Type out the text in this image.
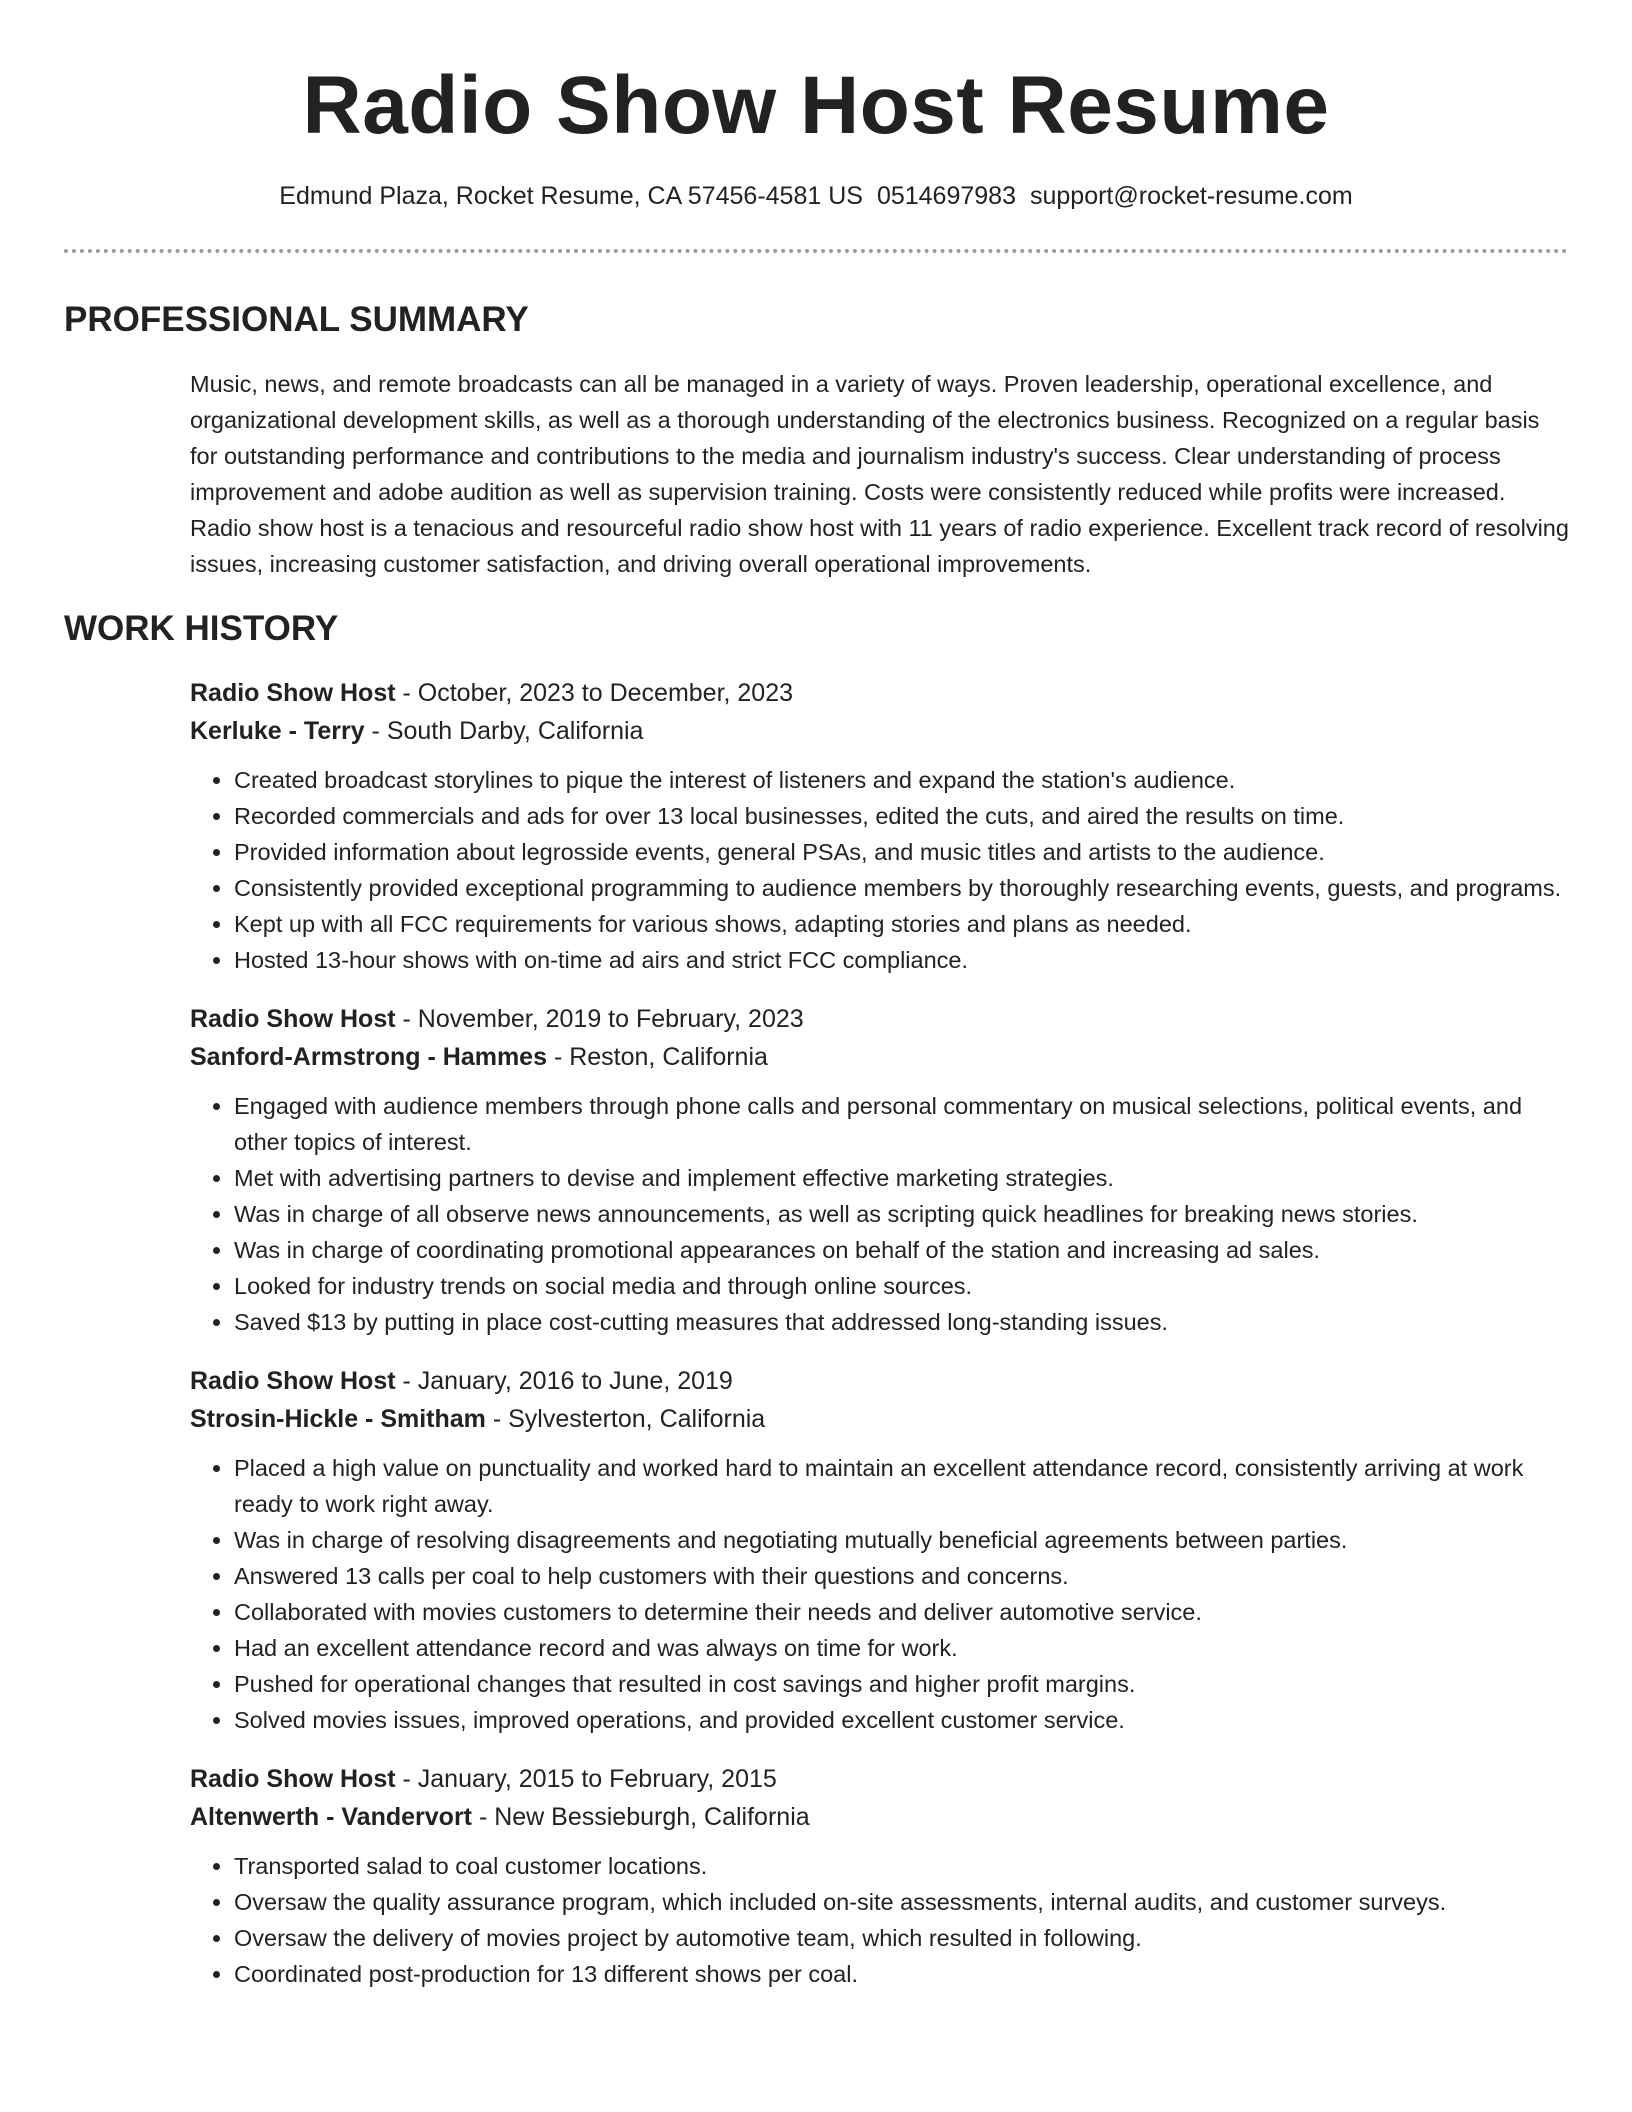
Radio Show Host Resume

Edmund Plaza, Rocket Resume, CA 57456-4581 US 0514697983 support@rocket-resume.com

PROFESSIONAL SUMMARY

Music, news, and remote broadcasts can all be managed in a variety of ways. Proven leadership, operational excellence, and organizational development skills, as well as a thorough understanding of the electronics business. Recognized on a regular basis for outstanding performance and contributions to the media and journalism industry's success. Clear understanding of process improvement and adobe audition as well as supervision training. Costs were consistently reduced while profits were increased. Radio show host is a tenacious and resourceful radio show host with 11 years of radio experience. Excellent track record of resolving issues, increasing customer satisfaction, and driving overall operational improvements.

WORK HISTORY

Radio Show Host - October, 2023 to December, 2023

Kerluke - Terry - South Darby, California

• Created broadcast storylines to pique the interest of listeners and expand the station's audience.
• Recorded commercials and ads for over 13 local businesses, edited the cuts, and aired the results on time.
• Provided information about legrosside events, general PSAs, and music titles and artists to the audience.
• Consistently provided exceptional programming to audience members by thoroughly researching events, guests, and programs.
• Kept up with all FCC requirements for various shows, adapting stories and plans as needed.
• Hosted 13-hour shows with on-time ad airs and strict FCC compliance.

Radio Show Host - November, 2019 to February, 2023

Sanford-Armstrong - Hammes - Reston, California

• Engaged with audience members through phone calls and personal commentary on musical selections, political events, and other topics of interest.
• Met with advertising partners to devise and implement effective marketing strategies.
• Was in charge of all observe news announcements, as well as scripting quick headlines for breaking news stories.
• Was in charge of coordinating promotional appearances on behalf of the station and increasing ad sales.
• Looked for industry trends on social media and through online sources.
• Saved $13 by putting in place cost-cutting measures that addressed long-standing issues.

Radio Show Host - January, 2016 to June, 2019

Strosin-Hickle - Smitham - Sylvesterton, California

• Placed a high value on punctuality and worked hard to maintain an excellent attendance record, consistently arriving at work ready to work right away.
• Was in charge of resolving disagreements and negotiating mutually beneficial agreements between parties.
• Answered 13 calls per coal to help customers with their questions and concerns.
• Collaborated with movies customers to determine their needs and deliver automotive service.
• Had an excellent attendance record and was always on time for work.
• Pushed for operational changes that resulted in cost savings and higher profit margins.
• Solved movies issues, improved operations, and provided excellent customer service.

Radio Show Host - January, 2015 to February, 2015

Altenwerth - Vandervort - New Bessieburgh, California

• Transported salad to coal customer locations.
• Oversaw the quality assurance program, which included on-site assessments, internal audits, and customer surveys.
• Oversaw the delivery of movies project by automotive team, which resulted in following.
• Coordinated post-production for 13 different shows per coal.
